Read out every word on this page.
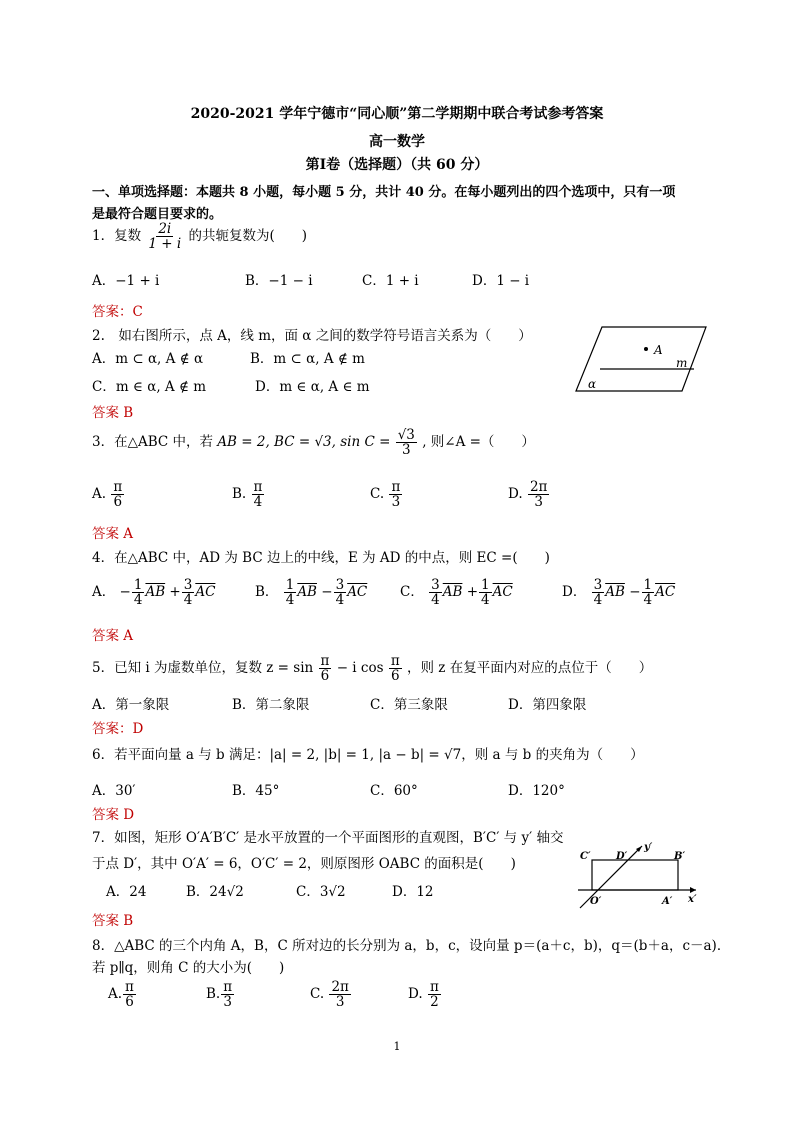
2020-2021 学年宁德市“同心顺”第二学期期中联合考试参考答案
高一数学
第Ⅰ卷（选择题）（共 60 分）
一、单项选择题：本题共 8 小题，每小题 5 分，共计 40 分。在每小题列出的四个选项中，只有一项
是最符合题目要求的。
1．复数 $\frac{2i}{1 + i}$ 的共轭复数为(　　)
A．−1 + i	B．−1 − i	C．1 + i	D．1 − i
答案：C
2.　如右图所示，点 A，线 m，面 α 之间的数学符号语言关系为（　　）
A．m ⊂ α, A ∉ α	B．m ⊂ α, A ∉ m
C．m ∈ α, A ∉ m	D．m ∈ α, A ∈ m
答案 B
A
m
α
3．在△ABC 中，若 AB = 2, BC = √3, $\sin C = \frac{√3}{3}$ , 则∠A =（　　）
A. $\frac{\pi}{6}$	B. $\frac{\pi}{4}$	C. $\frac{\pi}{3}$	D. $\frac{2\pi}{3}$
答案 A
4．在△ABC 中，AD 为 BC 边上的中线，E 为 AD 的中点，则 EC =(　　)
A． − $\frac{1}{4} \overline{AB} + \frac{3}{4} \overline{AC}$	B． $\frac{1}{4} \overline{AB} - \frac{3}{4} \overline{AC}$ C． $\frac{3}{4} \overline{AB} + \frac{1}{4} \overline{AC}$	D． $\frac{3}{4} \overline{AB} - \frac{1}{4} \overline{AC}$
答案 A
5．已知 i 为虚数单位，复数 $z = \sin \frac{\pi}{6} - i$ $\cos \frac{\pi}{6}$ ，则 z 在复平面内对应的点位于（　　）
A．第一象限	B．第二象限	C．第三象限	D．第四象限
答案：D
6．若平面向量 a 与 b 满足：|a| = 2, |b| = 1, |a − b| = √7，则 a 与 b 的夹角为（　　）
A．30′	B．45°	C．60°	D．120°
答案 D
7．如图，矩形 O′A′B′C′ 是水平放置的一个平面图形的直观图，B′C′ 与 y′ 轴交
于点 D′，其中 O′A′ = 6，O′C′ = 2，则原图形 OABC 的面积是(　　)
A．24	B．24√2	C．3√2	D．12
答案 B
C′	D′
y′
B′
O′	A′ x′
8．△ABC 的三个内角 A，B，C 所对边的长分别为 a，b，c，设向量 p＝(a＋c，b)，q＝(b＋a，c－a)．
若 p∥q，则角 C 的大小为(　　)
A. $\frac{\pi}{6}$	B. $\frac{\pi}{3}$	C. $\frac{2\pi}{3}$	D. $\frac{\pi}{2}$
1
